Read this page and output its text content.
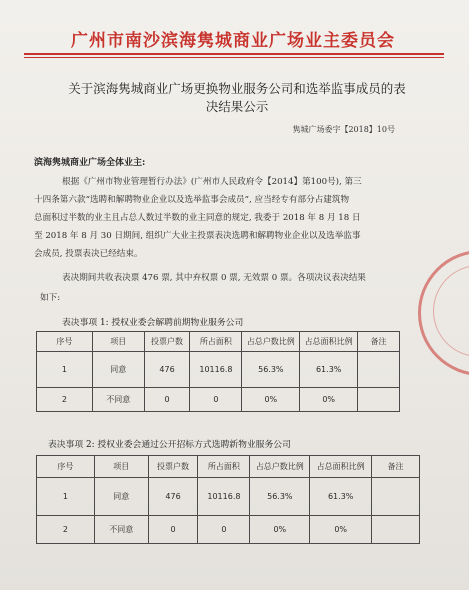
广州市南沙滨海隽城商业广场业主委员会
关于滨海隽城商业广场更换物业服务公司和选举监事成员的表
决结果公示
隽城广场委字【2018】10号
滨海隽城商业广场全体业主:
根据《广州市物业管理暂行办法》(广州市人民政府令【2014】第100号), 第三
十四条第六款“选聘和解聘物业企业以及选举监事会成员”, 应当经专有部分占建筑物
总面积过半数的业主且占总人数过半数的业主同意的规定, 我委于 2018 年 8 月 18 日
至 2018 年 8 月 30 日期间, 组织广大业主投票表决选聘和解聘物业企业以及选举监事
会成员, 投票表决已经结束。
表决期间共收表决票 476 票, 其中弃权票 0 票, 无效票 0 票。各项决议表决结果
如下:
表决事项 1: 授权业委会解聘前期物业服务公司
序号	项目	投票户数	所占面积	占总户数比例	占总面积比例	备注
1	同意	476	10116.8	56.3%	61.3%	
2	不同意	0	0	0%	0%	
表决事项 2: 授权业委会通过公开招标方式选聘新物业服务公司
序号	项目	投票户数	所占面积	占总户数比例	占总面积比例	备注
1	同意	476	10116.8	56.3%	61.3%	
2	不同意	0	0	0%	0%	
